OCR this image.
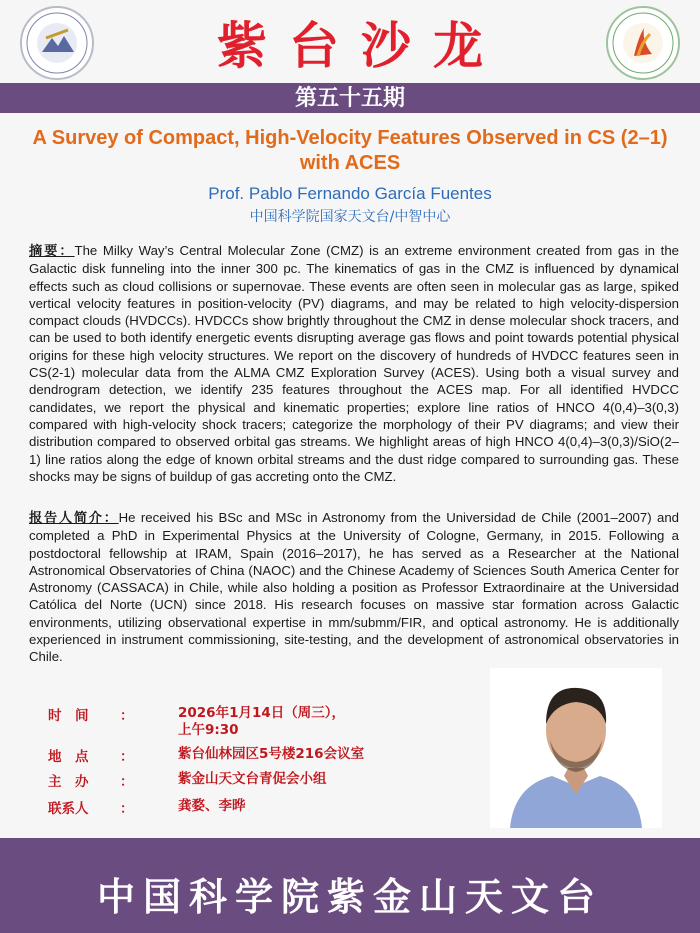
紫台沙龙
第五十五期
A Survey of Compact, High-Velocity Features Observed in CS (2–1) with ACES
Prof. Pablo Fernando García Fuentes
中国科学院国家天文台/中智中心

摘要：The Milky Way’s Central Molecular Zone (CMZ) is an extreme environment created from gas in the Galactic disk funneling into the inner 300 pc. The kinematics of gas in the CMZ is influenced by dynamical effects such as cloud collisions or supernovae. These events are often seen in molecular gas as large, spiked vertical velocity features in position-velocity (PV) diagrams, and may be related to high velocity-dispersion compact clouds (HVDCCs). HVDCCs show brightly throughout the CMZ in dense molecular shock tracers, and can be used to both identify energetic events disrupting average gas flows and point towards potential physical origins for these high velocity structures. We report on the discovery of hundreds of HVDCC features seen in CS(2-1) molecular data from the ALMA CMZ Exploration Survey (ACES). Using both a visual survey and dendrogram detection, we identify 235 features throughout the ACES map. For all identified HVDCC candidates, we report the physical and kinematic properties; explore line ratios of HNCO 4(0,4)–3(0,3) compared with high-velocity shock tracers; categorize the morphology of their PV diagrams; and view their distribution compared to observed orbital gas streams. We highlight areas of high HNCO 4(0,4)–3(0,3)/SiO(2–1) line ratios along the edge of known orbital streams and the dust ridge compared to surrounding gas. These shocks may be signs of buildup of gas accreting onto the CMZ.

报告人简介：He received his BSc and MSc in Astronomy from the Universidad de Chile (2001–2007) and completed a PhD in Experimental Physics at the University of Cologne, Germany, in 2015. Following a postdoctoral fellowship at IRAM, Spain (2016–2017), he has served as a Researcher at the National Astronomical Observatories of China (NAOC) and the Chinese Academy of Sciences South America Center for Astronomy (CASSACA) in Chile, while also holding a position as Professor Extraordinaire at the Universidad Católica del Norte (UCN) since 2018. His research focuses on massive star formation across Galactic environments, utilizing observational expertise in mm/submm/FIR, and optical astronomy. He is additionally experienced in instrument commissioning, site-testing, and the development of astronomical observatories in Chile.

时　间	：	2026年1月14日（周三），
上午9:30
地　点	：	紫台仙林园区5号楼216会议室
主　办	：	紫金山天文台青促会小组
联系人	：	龚婺、李晔
中国科学院紫金山天文台
